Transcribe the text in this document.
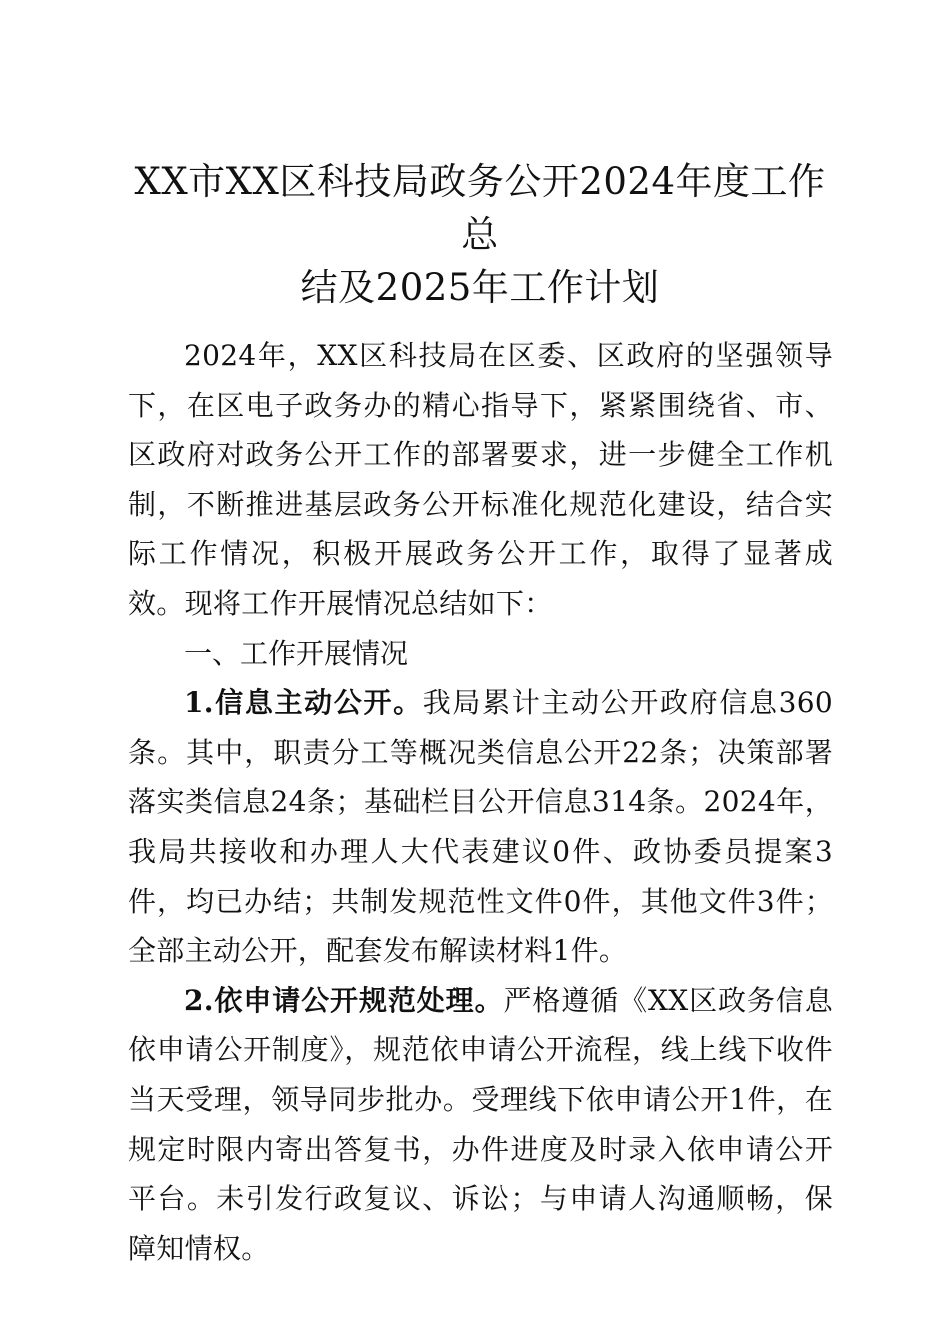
XX市XX区科技局政务公开2024年度工作总
结及2025年工作计划

2024年，XX区科技局在区委、区政府的坚强领导下，在区电子政务办的精心指导下，紧紧围绕省、市、区政府对政务公开工作的部署要求，进一步健全工作机制，不断推进基层政务公开标准化规范化建设，结合实际工作情况，积极开展政务公开工作，取得了显著成效。现将工作开展情况总结如下：

一、工作开展情况

1.信息主动公开。我局累计主动公开政府信息360条。其中，职责分工等概况类信息公开22条；决策部署落实类信息24条；基础栏目公开信息314条。2024年，我局共接收和办理人大代表建议0件、政协委员提案3件，均已办结；共制发规范性文件0件，其他文件3件；全部主动公开，配套发布解读材料1件。

2.依申请公开规范处理。严格遵循《XX区政务信息依申请公开制度》，规范依申请公开流程，线上线下收件当天受理，领导同步批办。受理线下依申请公开1件，在规定时限内寄出答复书，办件进度及时录入依申请公开平台。未引发行政复议、诉讼；与申请人沟通顺畅，保障知情权。
